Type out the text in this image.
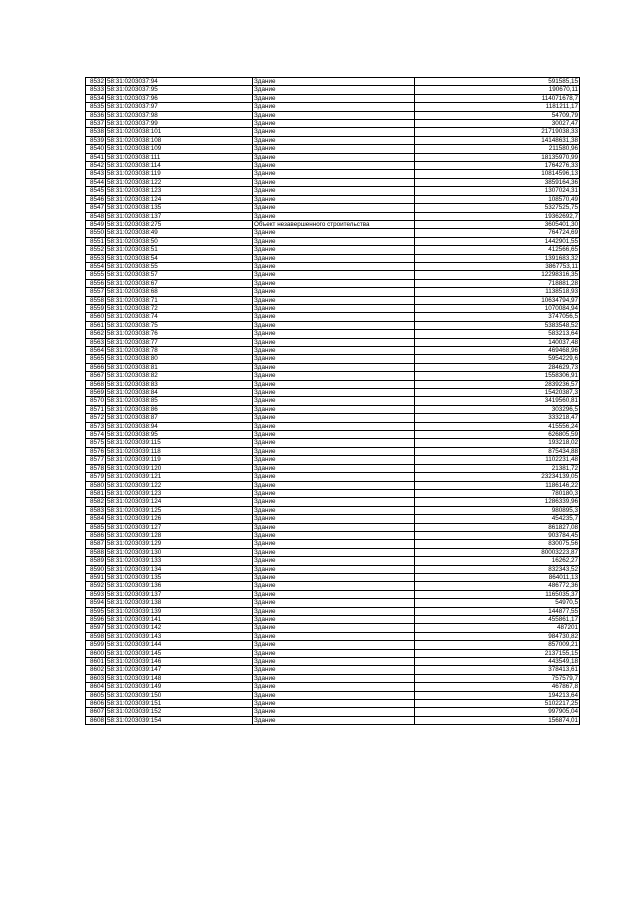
8532	58:31:0203037:94	Здание	591585,15
8533	58:31:0203037:95	Здание	190670,11
8534	58:31:0203037:96	Здание	114071678,7
8535	58:31:0203037:97	Здание	1181211,17
8536	58:31:0203037:98	Здание	54709,79
8537	58:31:0203037:99	Здание	30027,47
8538	58:31:0203038:101	Здание	21719038,33
8539	58:31:0203038:108	Здание	14148631,38
8540	58:31:0203038:109	Здание	211580,96
8541	58:31:0203038:111	Здание	18135970,99
8542	58:31:0203038:114	Здание	1764276,33
8543	58:31:0203038:119	Здание	10814596,13
8544	58:31:0203038:122	Здание	3859164,36
8545	58:31:0203038:123	Здание	1307024,31
8546	58:31:0203038:124	Здание	108570,49
8547	58:31:0203038:135	Здание	5327525,75
8548	58:31:0203038:137	Здание	19362692,7
8549	58:31:0203038:275	Объект незавершенного строительства	3605401,30
8550	58:31:0203038:49	Здание	764724,69
8551	58:31:0203038:50	Здание	1442901,55
8552	58:31:0203038:51	Здание	412566,65
8553	58:31:0203038:54	Здание	1391683,32
8554	58:31:0203038:55	Здание	3867753,11
8555	58:31:0203038:57	Здание	12298316,35
8556	58:31:0203038:67	Здание	718881,28
8557	58:31:0203038:68	Здание	1138518,93
8558	58:31:0203038:71	Здание	10634794,97
8559	58:31:0203038:72	Здание	1070084,94
8560	58:31:0203038:74	Здание	3747056,5
8561	58:31:0203038:75	Здание	5383548,52
8562	58:31:0203038:76	Здание	583213,64
8563	58:31:0203038:77	Здание	140037,48
8564	58:31:0203038:78	Здание	469468,96
8565	58:31:0203038:80	Здание	5954229,6
8566	58:31:0203038:81	Здание	284629,73
8567	58:31:0203038:82	Здание	1558306,91
8568	58:31:0203038:83	Здание	2839236,57
8569	58:31:0203038:84	Здание	15420387,3
8570	58:31:0203038:85	Здание	3419560,81
8571	58:31:0203038:86	Здание	303296,5
8572	58:31:0203038:87	Здание	333218,47
8573	58:31:0203038:94	Здание	415556,24
8574	58:31:0203038:95	Здание	626805,59
8575	58:31:0203039:115	Здание	193218,02
8576	58:31:0203039:118	Здание	875434,88
8577	58:31:0203039:119	Здание	1102231,48
8578	58:31:0203039:120	Здание	21381,72
8579	58:31:0203039:121	Здание	23234139,05
8580	58:31:0203039:122	Здание	1186146,22
8581	58:31:0203039:123	Здание	780180,3
8582	58:31:0203039:124	Здание	1286339,96
8583	58:31:0203039:125	Здание	980895,3
8584	58:31:0203039:126	Здание	454235,7
8585	58:31:0203039:127	Здание	861827,08
8586	58:31:0203039:128	Здание	903784,45
8587	58:31:0203039:129	Здание	830075,56
8588	58:31:0203039:130	Здание	80003223,87
8589	58:31:0203039:133	Здание	16262,27
8590	58:31:0203039:134	Здание	832343,52
8591	58:31:0203039:135	Здание	864011,13
8592	58:31:0203039:136	Здание	486772,36
8593	58:31:0203039:137	Здание	1165035,37
8594	58:31:0203039:138	Здание	54970,5
8595	58:31:0203039:139	Здание	144877,55
8596	58:31:0203039:141	Здание	455861,17
8597	58:31:0203039:142	Здание	487201
8598	58:31:0203039:143	Здание	984730,82
8599	58:31:0203039:144	Здание	857009,21
8600	58:31:0203039:145	Здание	2137155,15
8601	58:31:0203039:146	Здание	443549,18
8602	58:31:0203039:147	Здание	378413,61
8603	58:31:0203039:148	Здание	757579,7
8604	58:31:0203039:149	Здание	467867,8
8605	58:31:0203039:150	Здание	194213,64
8606	58:31:0203039:151	Здание	5102217,25
8607	58:31:0203039:152	Здание	997905,04
8608	58:31:0203039:154	Здание	156874,01
